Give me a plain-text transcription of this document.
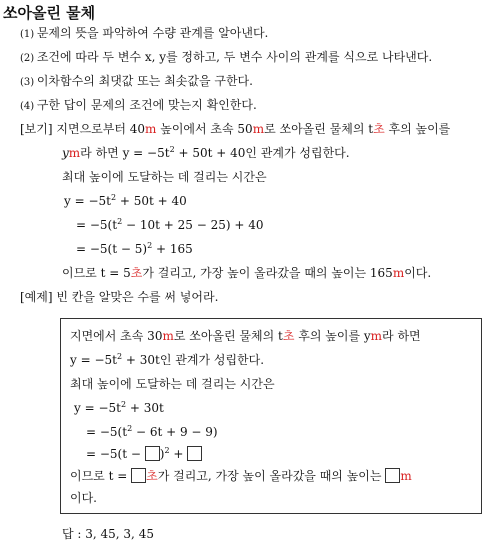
쏘아올린 물체
(1) 문제의 뜻을 파악하여 수량 관계를 알아낸다.
(2) 조건에 따라 두 변수 x, y를 정하고, 두 변수 사이의 관계를 식으로 나타낸다.
(3) 이차함수의 최댓값 또는 최솟값을 구한다.
(4) 구한 답이 문제의 조건에 맞는지 확인한다.
[보기] 지면으로부터 40m 높이에서 초속 50m로 쏘아올린 물체의 t초 후의 높이를
ym라 하면 $y = -5t^2 + 50t + 40$인 관계가 성립한다.
최대 높이에 도달하는 데 걸리는 시간은
$y = -5t^2 + 50t + 40$
= $-5(t^2 - 10t + 25 - 25) + 40$
= $-5(t - 5)^2 + 165$
이므로 t = 5초가 걸리고, 가장 높이 올라갔을 때의 높이는 165m이다.
[예제] 빈 칸을 알맞은 수를 써 넣어라.
지면에서 초속 30m로 쏘아올린 물체의 t초 후의 높이를 ym라 하면
$y = -5t^2 + 30t$인 관계가 성립한다.
최대 높이에 도달하는 데 걸리는 시간은
$y = -5t^2 + 30t$
= $-5(t^2 - 6t + 9 - 9)$
= $-5(t - )^2$ +
이므로 t = 초가 걸리고, 가장 높이 올라갔을 때의 높이는 m
이다.
답 : 3, 45, 3, 45
